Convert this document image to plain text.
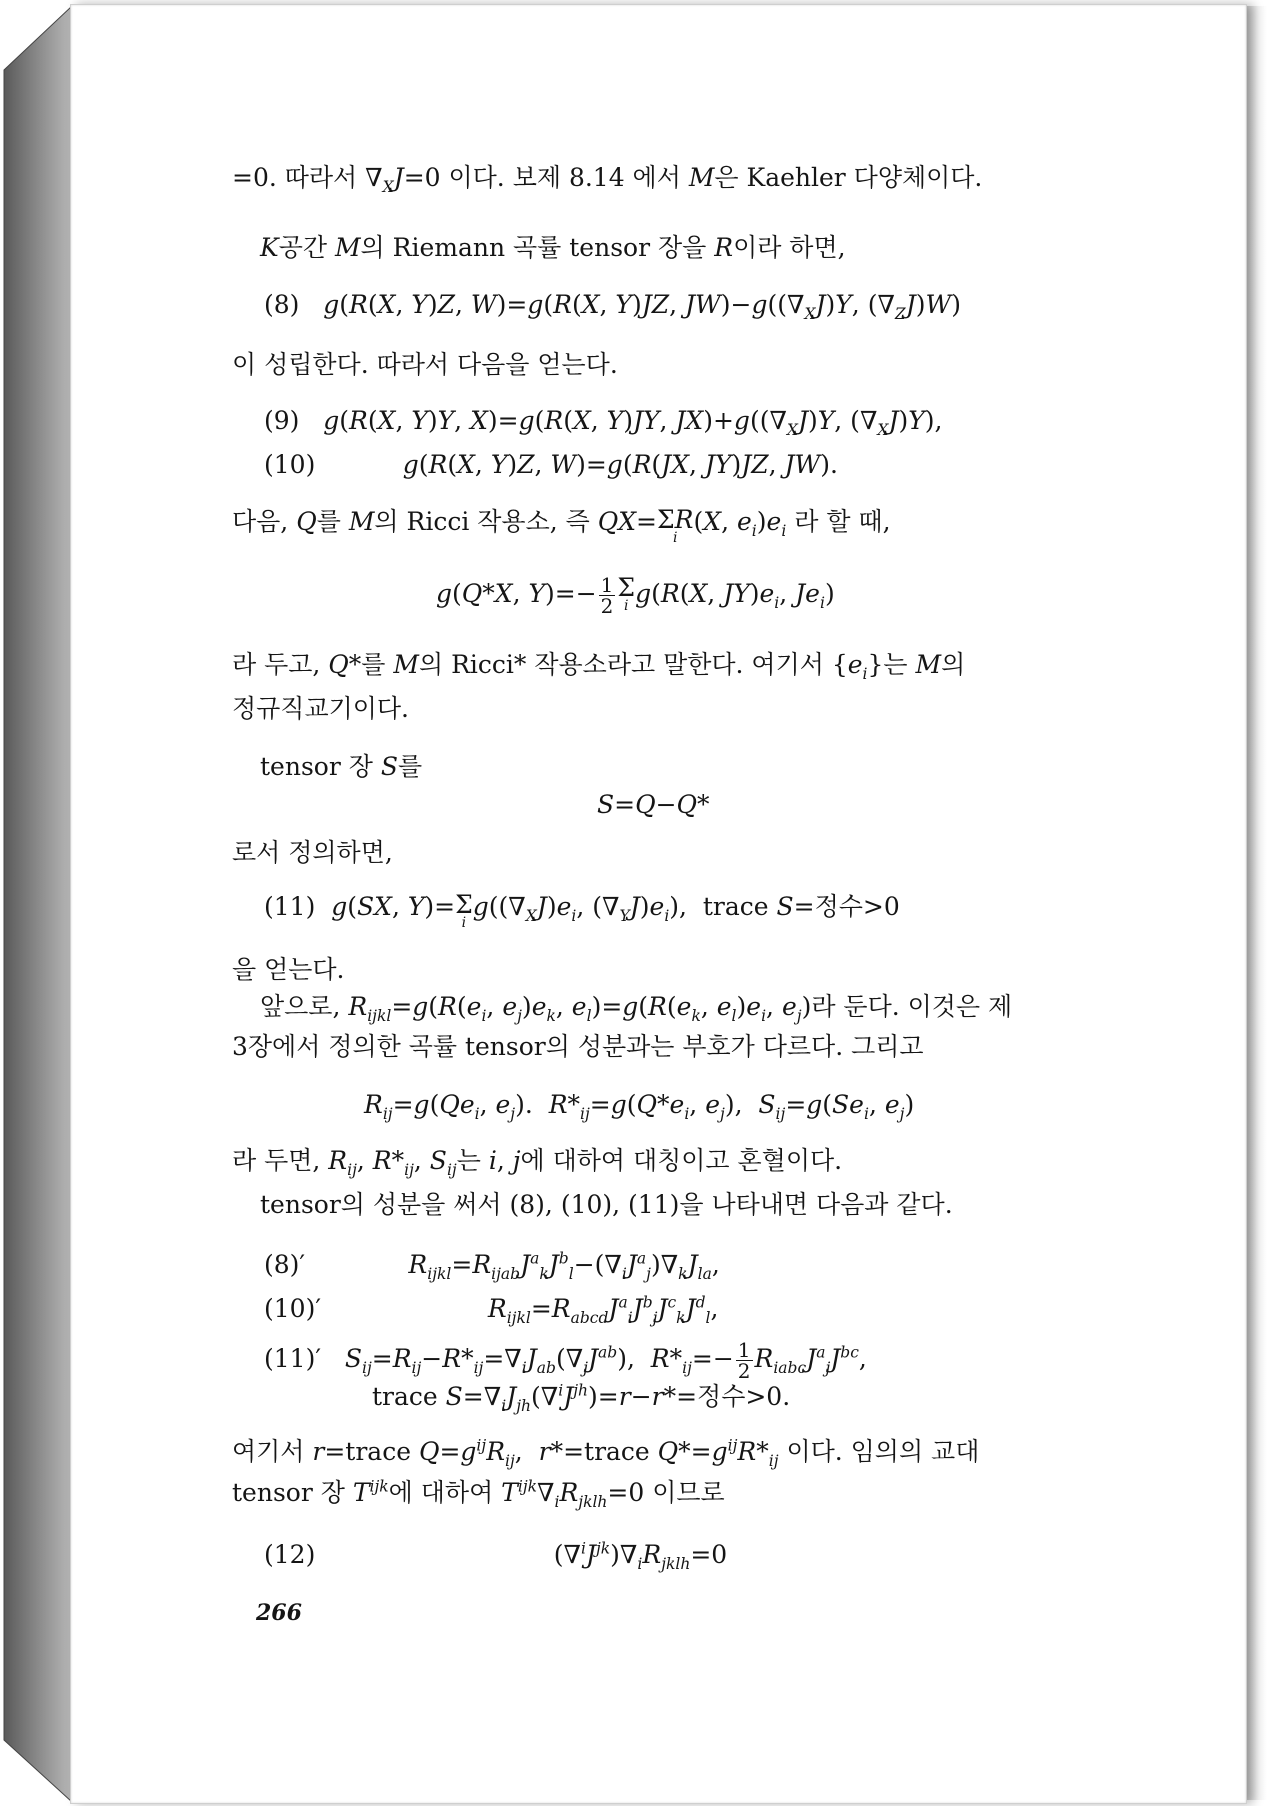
=0. 따라서 $\nabla_XJ=0$ 이다. 보제 8.14 에서 M은 Kaehler 다양체이다.
K공간 M의 Riemann 곡률 tensor 장을 R이라 하면,
(8)   g(R(X, Y)Z, W)=g(R(X, Y)JZ, $JW)-g((\nabla_XJ)Y$, $(\nabla_ZJ)W$)
이 성립한다. 따라서 다음을 얻는다.
(9)   g(R(X, Y)Y, X)=g(R(X, Y)JY, $JX)+g((\nabla_XJ)Y$, $(\nabla_XJ)Y$),
(10)           g(R(X, Y)Z, W)=g(R(JX, JY)JZ, JW).
다음, Q를 M의 Ricci 작용소, 즉 QX=ΣR
i
(X, $e_i)e_i$ 라 할 때,
g(Q*X, $Y)=- \frac{1}{2}$ Σ
i g(R(X, $JY)e_i$, $Je_i$)
라 두고, Q*를 M의 Ricci* 작용소라고 말한다. 여기서 $\{e_i\}$는 M의
정규직교기이다.
tensor 장 S를
S=Q−Q*
로서 정의하면,
(11)  g(SX, Y)=Σ
i
$g((\nabla_XJ)e_i$, $(\nabla_YJ)e_i$),  trace S=정수>0
을 얻는다.
앞으로, $R_{ijkl}=g(R(e_i$, $e_j)e_k$, $e_l)=g(R(e_k$, $e_l)e_i$, $e_j$)라 둔다. 이것은 제
3장에서 정의한 곡률 tensor의 성분과는 부호가 다르다. 그리고
$R_{ij}=g(Qe_i$, $e_j$).  $R*_{ij}=g(Q*e_i$, $e_j$),  $S_{ij}=g(Se_i$, $e_j$)
라 두면, $R_{ij}$, $R*_{ij}$, $S_{ij}$는 i, j에 대하여 대칭이고 혼혈이다.
tensor의 성분을 써서 (8), (10), (11)을 나타내면 다음과 같다.
(8)′             $R_{ijkl}=R_{ijab}J^a_kJ^b_l-(\nabla_iJ^a_j)\nabla_kJ_{la}$,
(10)′                     $R_{ijkl}=R_{abcd}J^a_iJ^b_jJ^c_kJ^d_l$,
(11)′   $S_{ij}=R_{ij}-R*_{ij}=\nabla_iJ_{ab}(\nabla_jJ^{ab})$,  $R*_{ij}=- \frac{1}{2} R_{iabc}J^a_jJ^{bc}$,
trace $S=\nabla_iJ_{jh}(\nabla^iJ^{jh})=r-r*=$정수>0.
여기서 r=trace $Q=g^{ij}R_{ij}$,  r*=trace $Q*=g^{ij}R*_{ij}$ 이다. 임의의 교대
tensor 장 $T^{ijk}$에 대하여 $T^{ijk}\nabla_iR_{jklh}=0$ 이므로
(12)                              $(\nabla^iJ^{jk})\nabla_iR_{jklh}=0$
266
